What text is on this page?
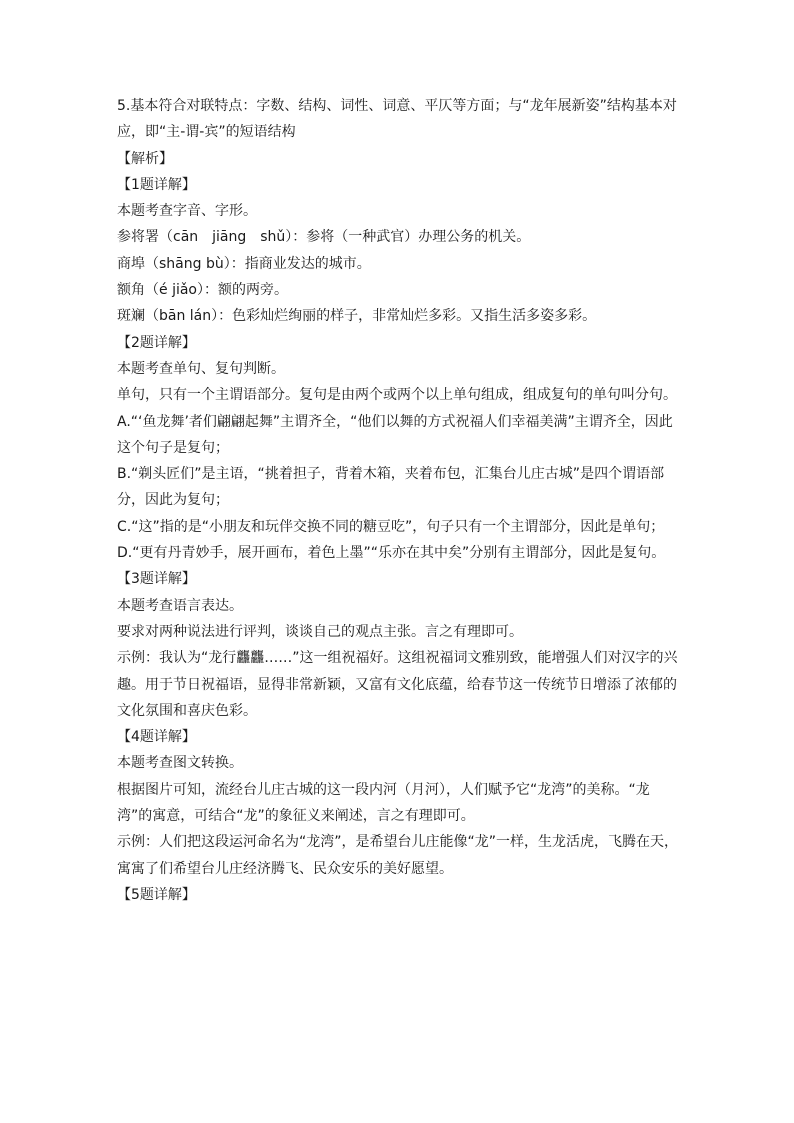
5.基本符合对联特点：字数、结构、词性、词意、平仄等方面；与“龙年展新姿”结构基本对应，即“主-谓-宾”的短语结构

【解析】

【1题详解】

本题考查字音、字形。

参将署（cān　jiāng　shǔ）：参将（一种武官）办理公务的机关。

商埠（shāng bù）：指商业发达的城市。

额角（é jiǎo）：额的两旁。

斑斓（bān lán）：色彩灿烂绚丽的样子，非常灿烂多彩。又指生活多姿多彩。

【2题详解】

本题考查单句、复句判断。

单句，只有一个主谓语部分。复句是由两个或两个以上单句组成，组成复句的单句叫分句。

A.“‘鱼龙舞’者们翩翩起舞”主谓齐全，“他们以舞的方式祝福人们幸福美满”主谓齐全，因此这个句子是复句；

B.“剃头匠们”是主语，“挑着担子，背着木箱，夹着布包，汇集台儿庄古城”是四个谓语部分，因此为复句；

C.“这”指的是“小朋友和玩伴交换不同的糖豆吃”，句子只有一个主谓部分，因此是单句；

D.“更有丹青妙手，展开画布，着色上墨”“乐亦在其中矣”分别有主谓部分，因此是复句。

【3题详解】

本题考查语言表达。

要求对两种说法进行评判，谈谈自己的观点主张。言之有理即可。

示例：我认为“龙行龘龘……”这一组祝福好。这组祝福词文雅别致，能增强人们对汉字的兴趣。用于节日祝福语，显得非常新颖，又富有文化底蕴，给春节这一传统节日增添了浓郁的文化氛围和喜庆色彩。

【4题详解】

本题考查图文转换。

根据图片可知，流经台儿庄古城的这一段内河（月河），人们赋予它“龙湾”的美称。“龙湾”的寓意，可结合“龙”的象征义来阐述，言之有理即可。

示例：人们把这段运河命名为“龙湾”，是希望台儿庄能像“龙”一样，生龙活虎，飞腾在天，寓寓了们希望台儿庄经济腾飞、民众安乐的美好愿望。

【5题详解】
